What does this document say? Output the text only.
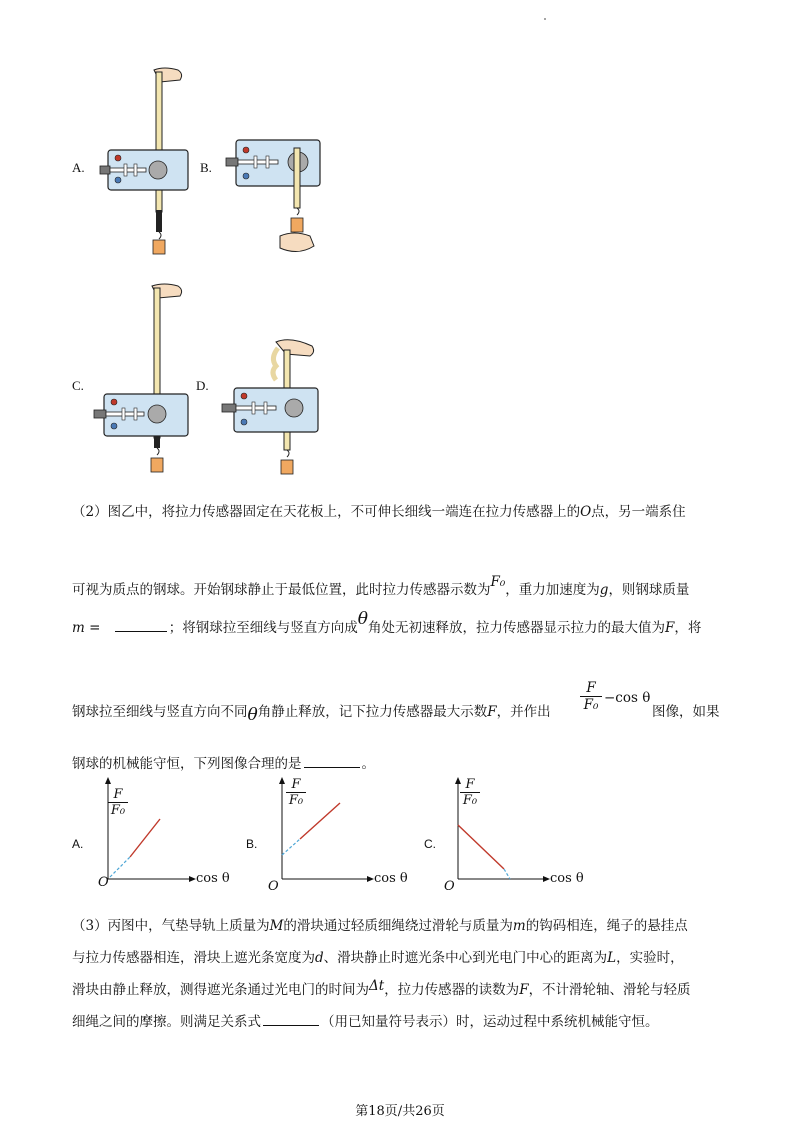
A.	B.
C.	D.
（2）图乙中，将拉力传感器固定在天花板上，不可伸长细线一端连在拉力传感器上的O点，另一端系住
可视为质点的钢球。开始钢球静止于最低位置，此时拉力传感器示数为F₀，重力加速度为g，则钢球质量
m =	；将钢球拉至细线与竖直方向成θ角处无初速释放，拉力传感器显示拉力的最大值为F，将
钢球拉至细线与竖直方向不同θ角静止释放，记下拉力传感器最大示数F，并作出 $\frac{F}{\text{F₀}} -\cos$ θ
图像，如果
钢球的机械能守恒，下列图像合理的是	。
A.
$\frac{F}{\text{F₀}}$
O	cos θ
B.
$\frac{F}{\text{F₀}}$
O
cos θ
C.
$\frac{F}{\text{F₀}}$
O
cos θ
（3）丙图中，气垫导轨上质量为M的滑块通过轻质细绳绕过滑轮与质量为m的钩码相连，绳子的悬挂点
与拉力传感器相连，滑块上遮光条宽度为d、滑块静止时遮光条中心到光电门中心的距离为L，实验时，
滑块由静止释放，测得遮光条通过光电门的时间为Δt，拉力传感器的读数为F，不计滑轮轴、滑轮与轻质
细绳之间的摩擦。则满足关系式	（用已知量符号表示）时，运动过程中系统机械能守恒。
第18页/共26页
